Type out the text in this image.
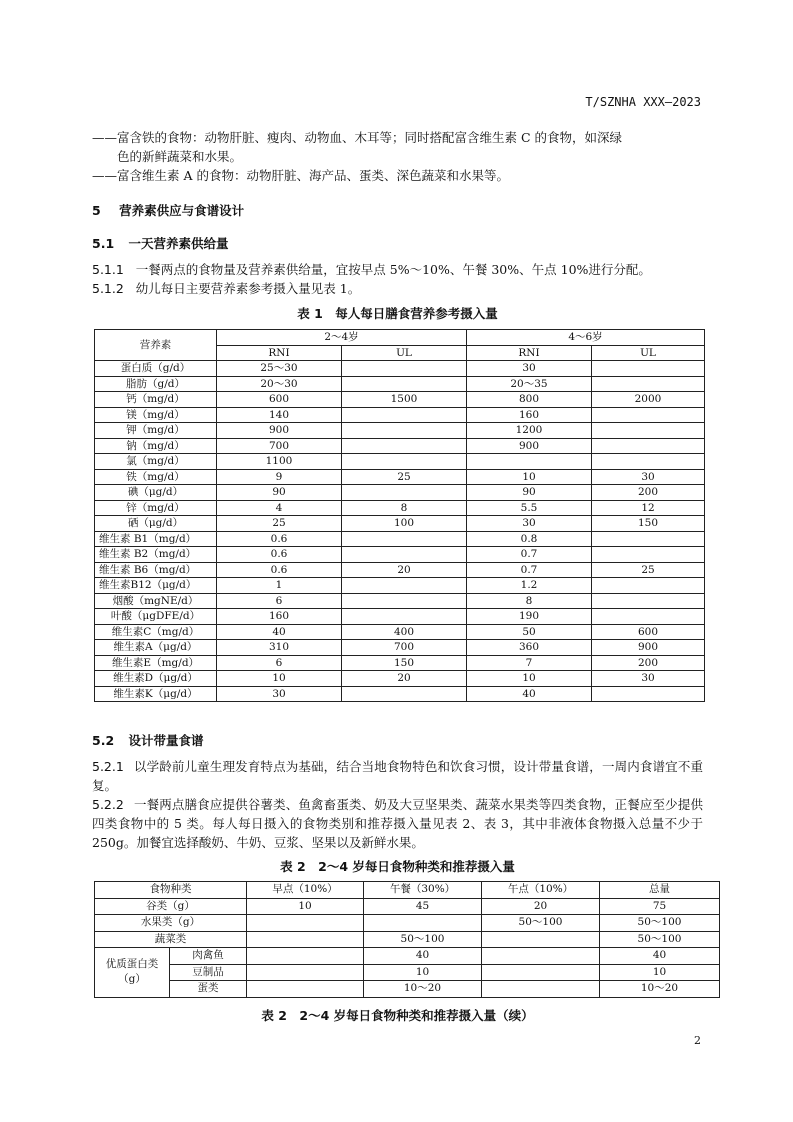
T/SZNHA XXX—2023
——富含铁的食物：动物肝脏、瘦肉、动物血、木耳等；同时搭配富含维生素 C 的食物，如深绿
色的新鲜蔬菜和水果。
——富含维生素 A 的食物：动物肝脏、海产品、蛋类、深色蔬菜和水果等。
5 营养素供应与食谱设计
5.1 一天营养素供给量
5.1.1 一餐两点的食物量及营养素供给量，宜按早点 5%～10%、午餐 30%、午点 10%进行分配。
5.1.2 幼儿每日主要营养素参考摄入量见表 1。
表 1　每人每日膳食营养参考摄入量
营养素	2～4岁		4～6岁	
	RNI	UL	RNI	UL
蛋白质（g/d）	25～30		30	
脂肪（g/d）	20～30		20～35	
钙（mg/d）	600	1500	800	2000
镁（mg/d）	140		160	
钾（mg/d）	900		1200	
钠（mg/d）	700		900	
氯（mg/d）	1100			
铁（mg/d）	9	25	10	30
碘（μg/d）	90		90	200
锌（mg/d）	4	8	5.5	12
硒（μg/d）	25	100	30	150
维生素 B1（mg/d）	0.6		0.8	
维生素 B2（mg/d）	0.6		0.7	
维生素 B6（mg/d）	0.6	20	0.7	25
维生素B12（μg/d）	1		1.2	
烟酸（mgNE/d）	6		8	
叶酸（μgDFE/d）	160		190	
维生素C（mg/d）	40	400	50	600
维生素A（μg/d）	310	700	360	900
维生素E（mg/d）	6	150	7	200
维生素D（μg/d）	10	20	10	30
维生素K（μg/d）	30		40	
5.2 设计带量食谱
5.2.1 以学龄前儿童生理发育特点为基础，结合当地食物特色和饮食习惯，设计带量食谱，一周内食谱宜不重复。
5.2.2 一餐两点膳食应提供谷薯类、鱼禽畜蛋类、奶及大豆坚果类、蔬菜水果类等四类食物，正餐应至少提供四类食物中的 5 类。每人每日摄入的食物类别和推荐摄入量见表 2、表 3，其中非液体食物摄入总量不少于 250g。加餐宜选择酸奶、牛奶、豆浆、坚果以及新鲜水果。
表 2　2～4 岁每日食物种类和推荐摄入量
食物种类		早点（10%）	午餐（30%）	午点（10%）	总量
谷类（g）		10	45	20	75
水果类（g）				50～100	50～100
蔬菜类			50～100		50～100
优质蛋白类（g）	肉禽鱼		40		40
	豆制品		10		10
	蛋类		10～20		10～20
表 2　2～4 岁每日食物种类和推荐摄入量（续）
2
